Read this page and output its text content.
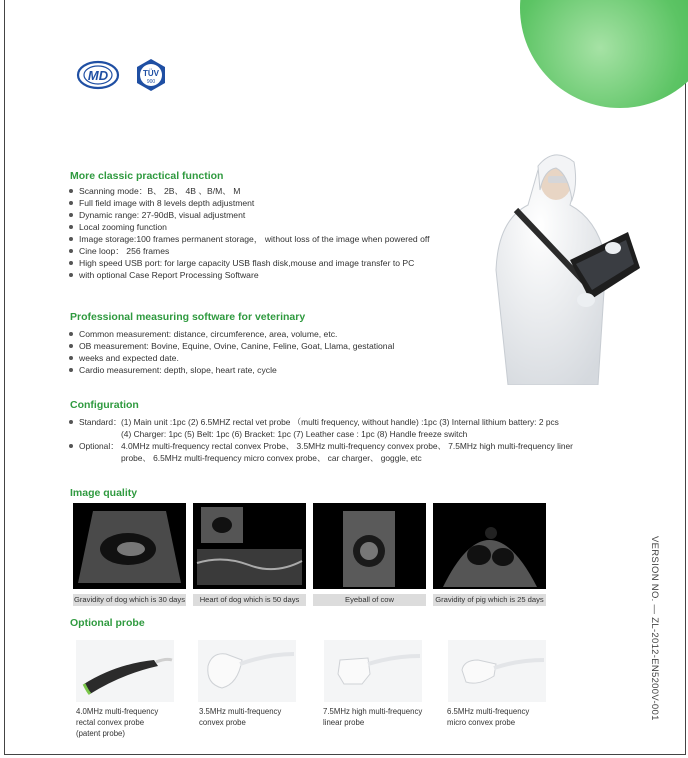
MD	TÜV
900
More classic practical function
Scanning mode：B、 2B、 4B 、B/M、 M
Full field image with 8 levels depth adjustment
Dynamic range: 27-90dB, visual adjustment
Local zooming function
Image storage:100 frames permanent storage， without loss of the image when powered off
Cine loop： 256 frames
High speed USB port: for large capacity USB flash disk,mouse and image transfer to PC
with optional Case Report Processing Software
Professional measuring software for veterinary
Common measurement: distance, circumference, area, volume, etc.
OB measurement: Bovine, Equine, Ovine, Canine, Feline, Goat, Llama, gestational
weeks and expected date.
Cardio measurement: depth, slope, heart rate, cycle
Configuration
Standard：(1) Main unit :1pc (2) 6.5MHZ rectal vet probe （multi frequency, without handle) :1pc (3) Internal lithium battery: 2 pcs
(4) Charger: 1pc (5) Belt: 1pc (6) Bracket: 1pc (7) Leather case : 1pc (8) Handle freeze switch
Optional： 4.0MHz multi-frequency rectal convex Probe、 3.5MHz multi-frequency convex probe、 7.5MHz high multi-frequency liner
probe、 6.5MHz multi-frequency micro convex probe、 car charger、 goggle, etc
Image quality
Gravidity of dog which is 30 days	Heart of dog which is 50 days	Eyeball of cow	Gravidity of pig which is 25 days
Optional probe
4.0MHz multi-frequency
rectal convex probe
(patent probe)
3.5MHz multi-frequency
convex probe
7.5MHz high multi-frequency
linear probe
6.5MHz multi-frequency
micro convex probe
VERSION NO. — ZL-2012-EN5200V-001
